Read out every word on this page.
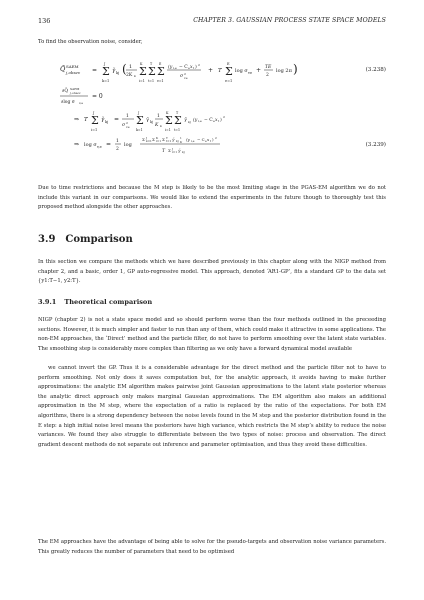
136	CHAPTER 3. GAUSSIAN PROCESS STATE SPACE MODELS

To find the observation noise, consider,

Q̃ SAEM
j,obsev = Σ
k=1
J
γ̃ kj ( 1
2K k Σ
i=1
K
Σ
t=1
T
Σ
e=1
E
(y i,e − C e x t ) 2
σ 2
ve
+ T Σ
e=1
E
log σ ve + TE
2
log 2π )	(3.238)
∂Q̃ SAEM
j,obsev
∂log σ	v,e
= 0
⇒ T Σ
i=1
J
γ̃ kj = 1
σ 2
ve Σ
k=1
J
γ̃ kj
1
K k Σ
i=1
K
Σ
t=1
T
γ̃ kj (y i,e − C e x t )
2
⇒ log σ v,e = 1
2
log
Σ k=1
J Σ i=1
K Σ t=1
T γ̃ kj
1
K (y i,e − C e x t ) 2
T Σ i=1
J γ̃ kj
(3.239)

Due to time restrictions and because the M step is likely to be the most limiting stage in the PGAS-EM algorithm we do not include this variant in our comparisons. We would like to extend the experiments in the future though to thoroughly test this proposed method alongside the other approaches.

3.9 Comparison

In this section we compare the methods which we have described previously in this chapter along with the NIGP method from chapter 2, and a basic, order 1, GP auto-regressive model. This approach, denoted ‘AR1-GP’, fits a standard GP to the data set {y1:T−1, y2:T}.

3.9.1 Theoretical comparison

NIGP (chapter 2) is not a state space model and so should perform worse than the four methods outlined in the preceeding sections. However, it is much simpler and faster to run than any of them, which could make it attractive in some applications. The non-EM approaches, the ‘Direct’ method and the particle filter, do not have to perform smoothing over the latent state variables. The smoothing step is considerably more complex than filtering as we only have a forward dynamical model available

we cannot invert the GP. Thus it is a considerable advantage for the direct method and the particle filter not to have to perform smoothing. Not only does it saves computation but, for the analytic approach, it avoids having to make further approximations: the analytic EM algorithm makes pairwise joint Gaussian approximations to the latent state posterior whereas the analytic direct approach only makes marginal Gaussian approximations. The EM algorithm also makes an additional approximation in the M step, where the expectation of a ratio is replaced by the ratio of the expectations. For both EM algorithms, there is a strong dependency between the noise levels found in the M step and the posterior distribution found in the E step: a high initial noise level means the posteriors have high variance, which restricts the M step’s ability to reduce the noise variances. We found they also struggle to differentiate between the two types of noise: process and observation. The direct gradient descent methods do not separate out inference and parameter optimisation, and thus they avoid these difficulties.

The EM approaches have the advantage of being able to solve for the pseudo-targets and observation noise variance parameters. This greatly reduces the number of parameters that need to be optimised
